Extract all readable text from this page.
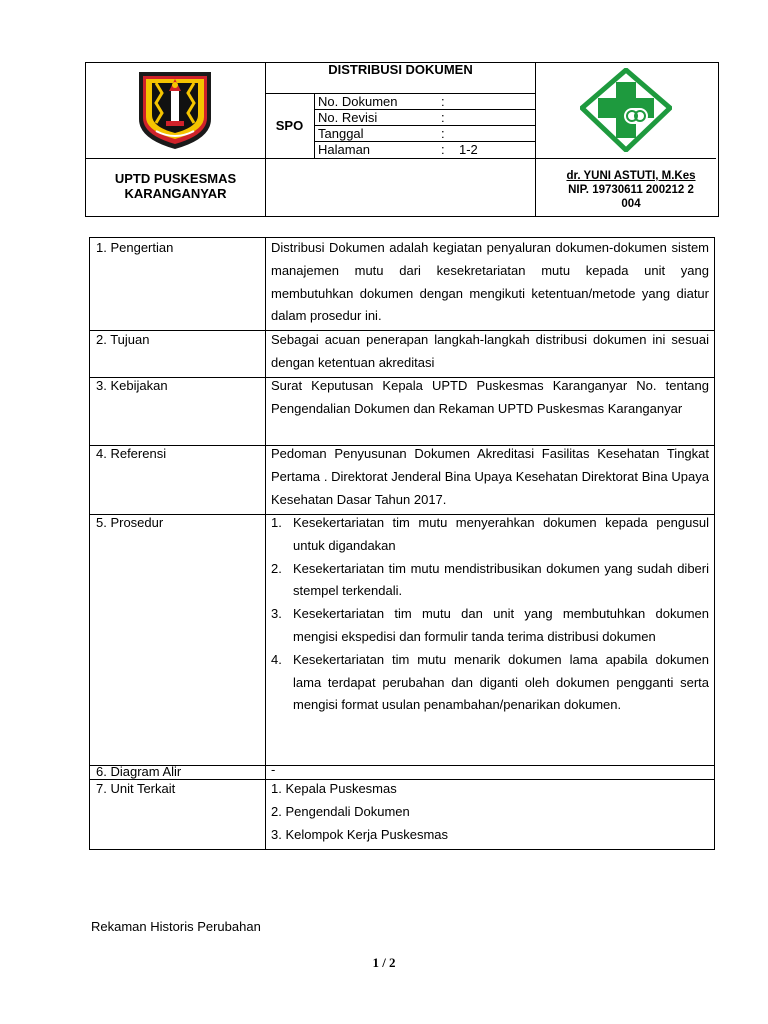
DISTRIBUSI DOKUMEN
SPO
No. Dokumen	:
No. Revisi	:
Tanggal	:
Halaman	: 1-2
UPTD PUSKESMAS
KARANGANYAR
dr. YUNI ASTUTI, M.Kes
NIP. 19730611 200212 2
004
1. Pengertian	Distribusi Dokumen adalah kegiatan penyaluran dokumen-dokumen sistem manajemen mutu dari kesekretariatan mutu kepada unit yang membutuhkan dokumen dengan mengikuti ketentuan/metode yang diatur dalam prosedur ini.
2. Tujuan	Sebagai acuan penerapan langkah-langkah distribusi dokumen ini sesuai dengan ketentuan akreditasi
3. Kebijakan	Surat Keputusan Kepala UPTD Puskesmas Karanganyar No. tentang Pengendalian Dokumen dan Rekaman UPTD Puskesmas Karanganyar
4. Referensi	Pedoman Penyusunan Dokumen Akreditasi Fasilitas Kesehatan Tingkat Pertama . Direktorat Jenderal Bina Upaya Kesehatan Direktorat Bina Upaya Kesehatan Dasar Tahun 2017.
5. Prosedur	1. Kesekertariatan tim mutu menyerahkan dokumen kepada pengusul untuk digandakan
2. Kesekertariatan tim mutu mendistribusikan dokumen yang sudah diberi stempel terkendali.
3. Kesekertariatan tim mutu dan unit yang membutuhkan dokumen mengisi ekspedisi dan formulir tanda terima distribusi dokumen
4. Kesekertariatan tim mutu menarik dokumen lama apabila dokumen lama terdapat perubahan dan diganti oleh dokumen pengganti serta mengisi format usulan penambahan/penarikan dokumen.
6. Diagram Alir	-
7. Unit Terkait	1. Kepala Puskesmas
2. Pengendali Dokumen
3. Kelompok Kerja Puskesmas
Rekaman Historis Perubahan
1 / 2
